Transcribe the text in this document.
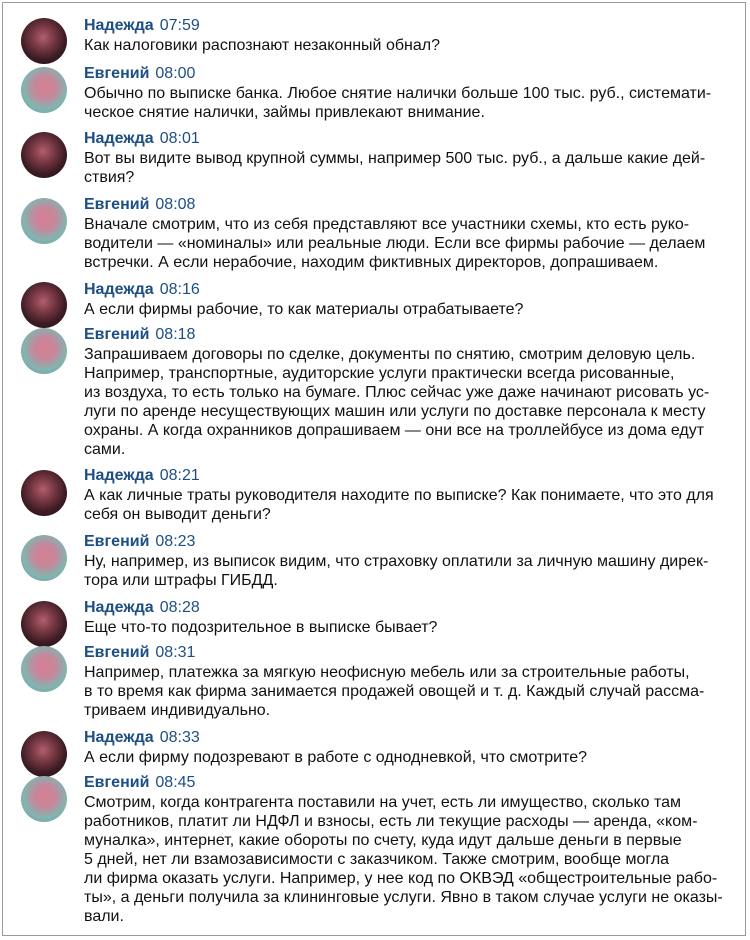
Надежда 07:59
Как налоговики распознают незаконный обнал?
Евгений 08:00
Обычно по выписке банка. Любое снятие налички больше 100 тыс. руб., системати-
ческое снятие налички, займы привлекают внимание.
Надежда 08:01
Вот вы видите вывод крупной суммы, например 500 тыс. руб., а дальше какие дей-
ствия?
Евгений 08:08
Вначале смотрим, что из себя представляют все участники схемы, кто есть руко-
водители — «номиналы» или реальные люди. Если все фирмы рабочие — делаем
встречки. А если нерабочие, находим фиктивных директоров, допрашиваем.
Надежда 08:16
А если фирмы рабочие, то как материалы отрабатываете?
Евгений 08:18
Запрашиваем договоры по сделке, документы по снятию, смотрим деловую цель.
Например, транспортные, аудиторские услуги практически всегда рисованные,
из воздуха, то есть только на бумаге. Плюс сейчас уже даже начинают рисовать ус-
луги по аренде несуществующих машин или услуги по доставке персонала к месту
охраны. А когда охранников допрашиваем — они все на троллейбусе из дома едут
сами.
Надежда 08:21
А как личные траты руководителя находите по выписке? Как понимаете, что это для
себя он выводит деньги?
Евгений 08:23
Ну, например, из выписок видим, что страховку оплатили за личную машину дирек-
тора или штрафы ГИБДД.
Надежда 08:28
Еще что-то подозрительное в выписке бывает?
Евгений 08:31
Например, платежка за мягкую неофисную мебель или за строительные работы,
в то время как фирма занимается продажей овощей и т. д. Каждый случай рассма-
триваем индивидуально.
Надежда 08:33
А если фирму подозревают в работе с однодневкой, что смотрите?
Евгений 08:45
Смотрим, когда контрагента поставили на учет, есть ли имущество, сколько там
работников, платит ли НДФЛ и взносы, есть ли текущие расходы — аренда, «ком-
муналка», интернет, какие обороты по счету, куда идут дальше деньги в первые
5 дней, нет ли взамозависимости с заказчиком. Также смотрим, вообще могла
ли фирма оказать услуги. Например, у нее код по ОКВЭД «общестроительные рабо-
ты», а деньги получила за клининговые услуги. Явно в таком случае услуги не оказы-
вали.
